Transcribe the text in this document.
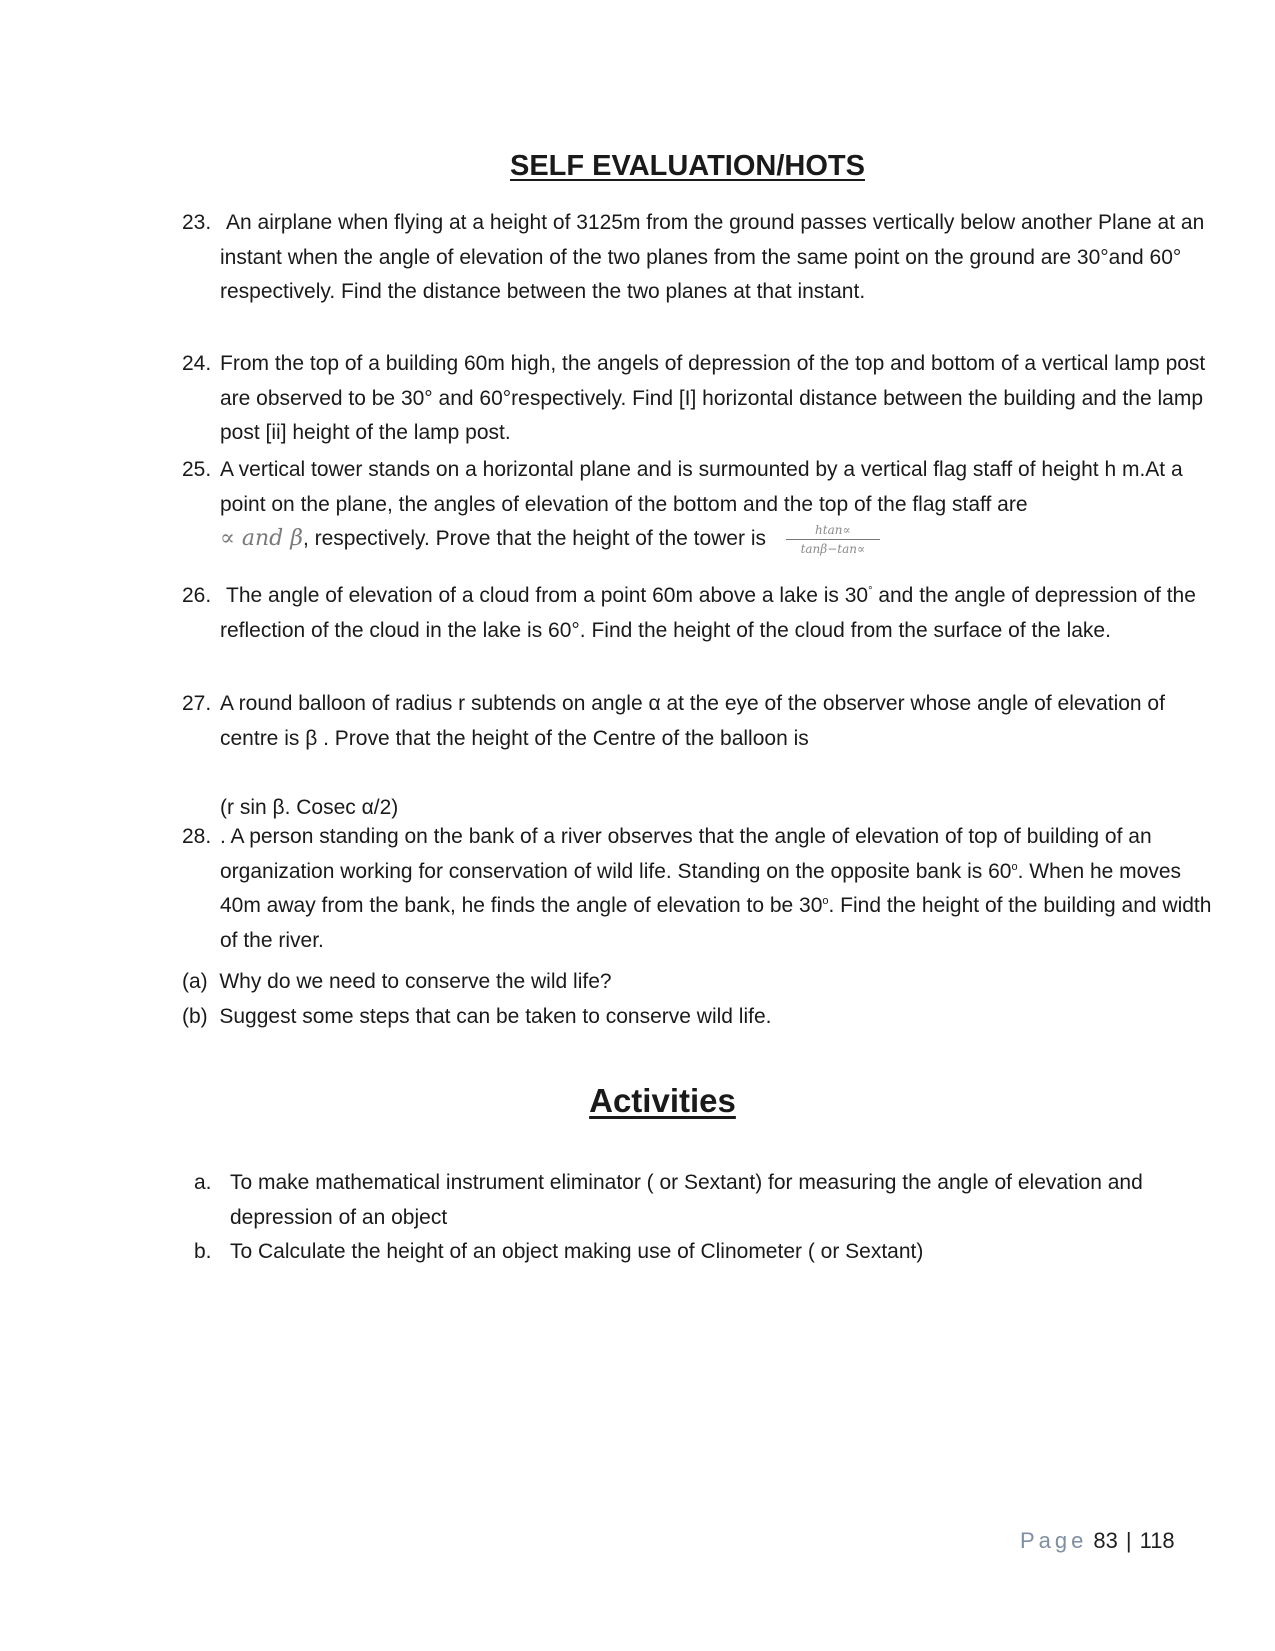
SELF EVALUATION/HOTS
23. An airplane when flying at a height of 3125m from the ground passes vertically below another Plane at an instant when the angle of elevation of the two planes from the same point on the ground are 30°and 60° respectively. Find the distance between the two planes at that instant.
24. From the top of a building 60m high, the angels of depression of the top and bottom of a vertical lamp post are observed to be 30° and 60°respectively. Find [I] horizontal distance between the building and the lamp post [ii] height of the lamp post.
25. A vertical tower stands on a horizontal plane and is surmounted by a vertical flag staff of height h m.At a point on the plane, the angles of elevation of the bottom and the top of the flag staff are
∝ and β, respectively. Prove that the height of the tower is $\frac{htan\propto}{\tan\beta-\tan\propto}$
26. The angle of elevation of a cloud from a point 60m above a lake is 30° and the angle of depression of the reflection of the cloud in the lake is 60°. Find the height of the cloud from the surface of the lake.
27. A round balloon of radius r subtends on angle α at the eye of the observer whose angle of elevation of centre is β . Prove that the height of the Centre of the balloon is
(r sin β. Cosec α/2)
28. . A person standing on the bank of a river observes that the angle of elevation of top of building of an organization working for conservation of wild life. Standing on the opposite bank is 60$^o$. When he moves 40m away from the bank, he finds the angle of elevation to be 30$^o$. Find the height of the building and width of the river.
(a) Why do we need to conserve the wild life?
(b) Suggest some steps that can be taken to conserve wild life.
Activities
a. To make mathematical instrument eliminator ( or Sextant) for measuring the angle of elevation and depression of an object
b. To Calculate the height of an object making use of Clinometer ( or Sextant)
Page 83 | 118
